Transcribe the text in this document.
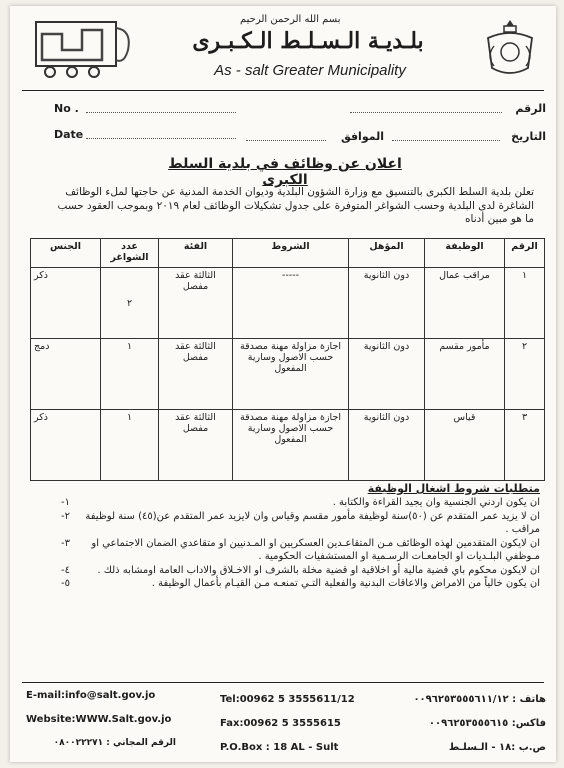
بسم الله الرحمن الرحيم
بلـديـة الـسـلـط الـكـبـرى
As - salt Greater Municipality
No .	الرقم
Date	الموافق	التاريخ
اعلان عن وظائف في بلدية السلط الكبرى
تعلن بلدية السلط الكبرى بالتنسيق مع وزارة الشؤون البلدية وديوان الخدمة المدنية عن حاجتها لملء الوظائف الشاغرة لدى البلدية وحسب الشواغر المتوفرة على جدول تشكيلات الوظائف لعام ٢٠١٩ وبموجب العقود حسب ما هو مبين أدناه
الرقم	الوظيفة	المؤهل	الشروط	الفئة	عدد الشواغر	الجنس
١	مراقب عمال	دون الثانوية	-----	الثالثة عقد مفصل	٢	ذكر
٢	مأمور مقسم	دون الثانوية	اجازة مزاولة مهنة مصدقة حسب الاصول وسارية المفعول	الثالثة عقد مفصل	١	دمج
٣	قياس	دون الثانوية	اجازة مزاولة مهنة مصدقة حسب الاصول وسارية المفعول	الثالثة عقد مفصل	١	ذكر
متطلبات شروط اشغال الوظيفة
١-	ان يكون اردني الجنسية وان يجيد القراءة والكتابة .
٢-	ان لا يزيد عمر المتقدم عن (٥٠)سنة لوظيفة مأمور مقسم وقياس وان لايزيد عمر المتقدم عن(٤٥) سنة لوظيفة مراقب .
٣-	ان لايكون المتقدمين لهذه الوظائف مـن المتقاعـدين العسكريين او المـدنيين او متقاعدي الضمان الاجتماعي او مـوظفي البلـديات او الجامعـات الرسـمية او المستشفيات الحكومية .
٤-	ان لايكون محكوم باي قضية مالية أو اخلاقية او قضية مخلة بالشرف او الاخـلاق والاداب العامة اومشابه ذلك .
٥-	ان يكون خالياً من الامراض والاعاقات البدنية والفعلية التـي تمنعـه مـن القيـام بأعمال الوظيفة .
E-mail:info@salt.gov.jo
Website:WWW.Salt.gov.jo
الرقم المجاني : ٠٨٠٠٢٢٢٧١
Tel:00962 5 3555611/12
Fax:00962 5 3555615
P.O.Box : 18 AL - Sult
هاتف : ٠٠٩٦٢٥٣٥٥٥٦١١/١٢
فاكس: ٠٠٩٦٢٥٣٥٥٥٦١٥
ص.ب :١٨ - الـسلـط
